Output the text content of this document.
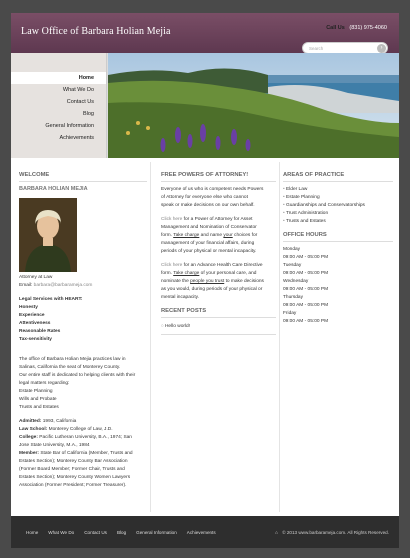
Law Office of Barbara Holian Mejia	Call Us (831) 975-4060
Search	›
Home
What We Do
Contact Us
Blog
General Information
Achievements
WELCOME
BARBARA HOLIAN MEJIA
Attorney at Law
Email: barbara@barbarameja.com
Legal Services with HEART:
Honesty
Experience
Attentiveness
Reasonable Rates
Tax-sensitivity
The office of Barbara Holian Mejia practices law in
Salinas, California the seat of Monterey County.
Our entire staff is dedicated to helping clients with their
legal matters regarding:
Estate Planning
Wills and Probate
Trusts and Estates
Admitted: 1993, California
Law School: Monterey College of Law, J.D.
College: Pacific Lutheran University, B.A., 1974; San
Jose State University, M.A., 1984
Member: State Bar of California (Member, Trusts and
Estates Section); Monterey County Bar Association
(Former Board Member; Former Chair, Trusts and
Estates Section); Monterey County Women Lawyers
Association (Former President; Former Treasurer).
FREE POWERS OF ATTORNEY!
Everyone of us who is competent needs Powers
of Attorney for everyone else who cannot
speak or make decisions on our own behalf.
Click here for a Power of Attorney for Asset
Management and Nomination of Conservator
form. Take charge and name your choices for
management of your financial affairs, during
periods of your physical or mental incapacity.
Click here for an Advance Health Care Directive
form. Take charge of your personal care, and
nominate the people you trust to make decisions
as you would, during periods of your physical or
mental incapacity.
RECENT POSTS
○ Hello world!
AREAS OF PRACTICE
• Elder Law
• Estate Planning
• Guardianships and Conservatorships
• Trust Administration
• Trusts and Estates
OFFICE HOURS
Monday
09:00 AM - 05:00 PM
Tuesday
09:00 AM - 05:00 PM
Wednesday
09:00 AM - 05:00 PM
Thursday
09:00 AM - 05:00 PM
Friday
09:00 AM - 05:00 PM
Home What We Do Contact Us Blog General Information Achievements	⌂ © 2013 www.barbarameja.com. All Rights Reserved.
